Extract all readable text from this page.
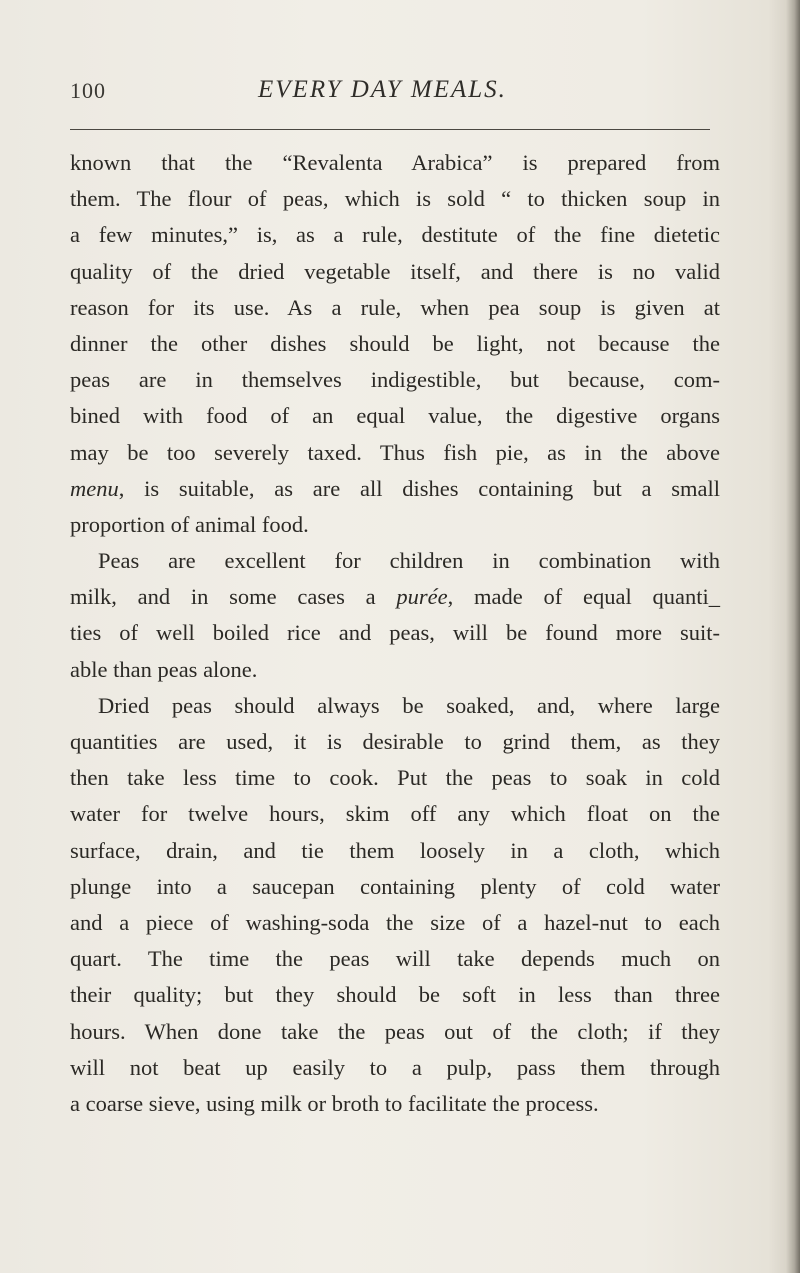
100	EVERY DAY MEALS.
known that the “Revalenta Arabica” is prepared from
them. The flour of peas, which is sold “ to thicken soup in
a few minutes,” is, as a rule, destitute of the fine dietetic
quality of the dried vegetable itself, and there is no valid
reason for its use. As a rule, when pea soup is given at
dinner the other dishes should be light, not because the
peas are in themselves indigestible, but because, com-
bined with food of an equal value, the digestive organs
may be too severely taxed. Thus fish pie, as in the above
menu, is suitable, as are all dishes containing but a small
proportion of animal food.
Peas are excellent for children in combination with
milk, and in some cases a purée, made of equal quanti_
ties of well boiled rice and peas, will be found more suit-
able than peas alone.
Dried peas should always be soaked, and, where large
quantities are used, it is desirable to grind them, as they
then take less time to cook. Put the peas to soak in cold
water for twelve hours, skim off any which float on the
surface, drain, and tie them loosely in a cloth, which
plunge into a saucepan containing plenty of cold water
and a piece of washing-soda the size of a hazel-nut to each
quart. The time the peas will take depends much on
their quality; but they should be soft in less than three
hours. When done take the peas out of the cloth; if they
will not beat up easily to a pulp, pass them through
a coarse sieve, using milk or broth to facilitate the process.
